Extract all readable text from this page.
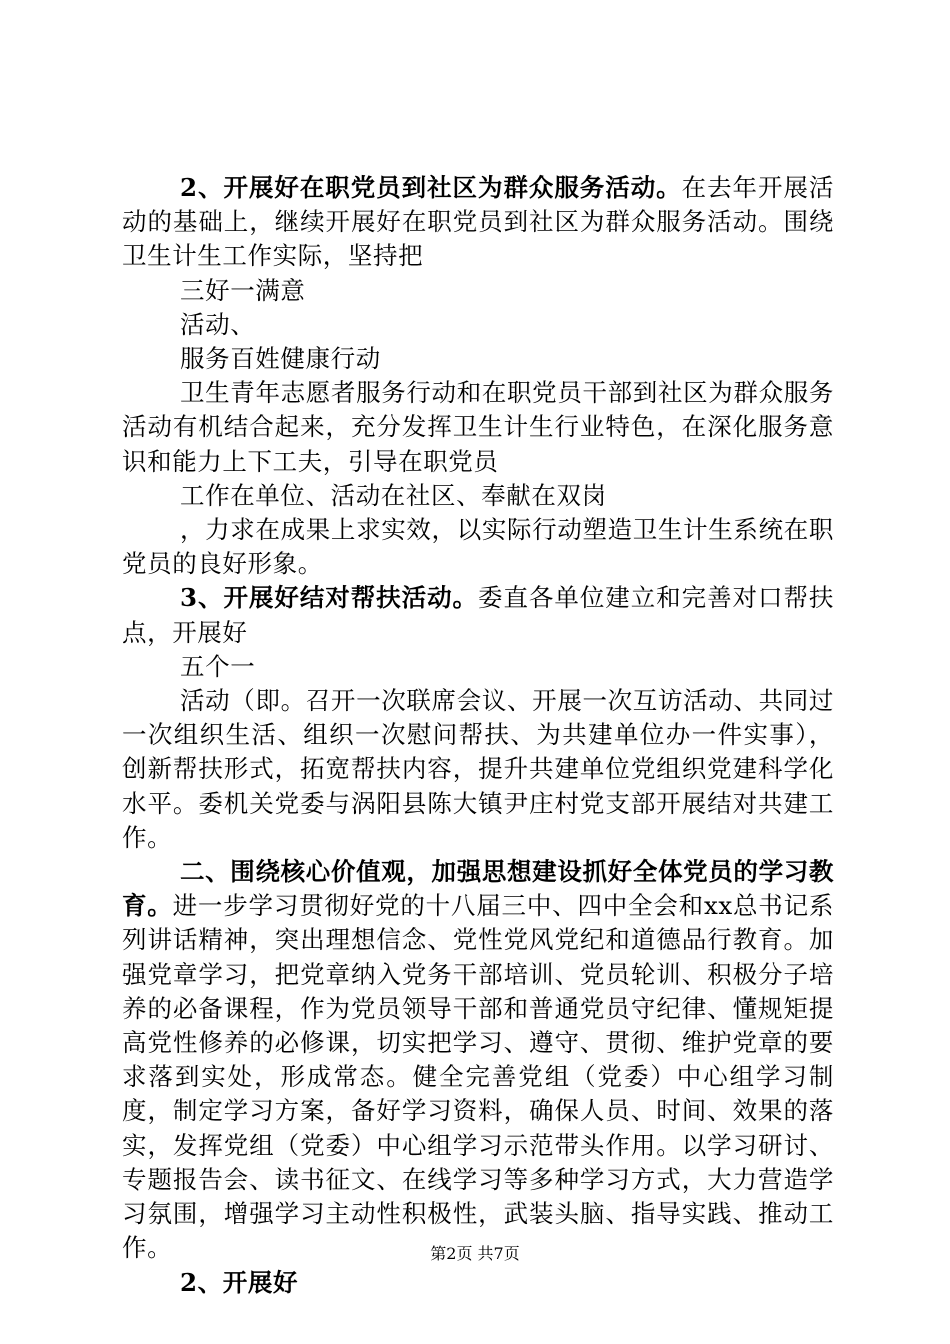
2、开展好在职党员到社区为群众服务活动。在去年开展活动的基础上，继续开展好在职党员到社区为群众服务活动。围绕卫生计生工作实际，坚持把

三好一满意

活动、

服务百姓健康行动

卫生青年志愿者服务行动和在职党员干部到社区为群众服务活动有机结合起来，充分发挥卫生计生行业特色，在深化服务意识和能力上下工夫，引导在职党员

工作在单位、活动在社区、奉献在双岗

，力求在成果上求实效，以实际行动塑造卫生计生系统在职党员的良好形象。

3、开展好结对帮扶活动。委直各单位建立和完善对口帮扶点，开展好

五个一

活动（即。召开一次联席会议、开展一次互访活动、共同过一次组织生活、组织一次慰问帮扶、为共建单位办一件实事），创新帮扶形式，拓宽帮扶内容，提升共建单位党组织党建科学化水平。委机关党委与涡阳县陈大镇尹庄村党支部开展结对共建工作。

二、围绕核心价值观，加强思想建设抓好全体党员的学习教育。进一步学习贯彻好党的十八届三中、四中全会和xx总书记系列讲话精神，突出理想信念、党性党风党纪和道德品行教育。加强党章学习，把党章纳入党务干部培训、党员轮训、积极分子培养的必备课程，作为党员领导干部和普通党员守纪律、懂规矩提高党性修养的必修课，切实把学习、遵守、贯彻、维护党章的要求落到实处，形成常态。健全完善党组（党委）中心组学习制度，制定学习方案，备好学习资料，确保人员、时间、效果的落实，发挥党组（党委）中心组学习示范带头作用。以学习研讨、专题报告会、读书征文、在线学习等多种学习方式，大力营造学习氛围，增强学习主动性积极性，武装头脑、指导实践、推动工作。

2、开展好

第2页 共7页
